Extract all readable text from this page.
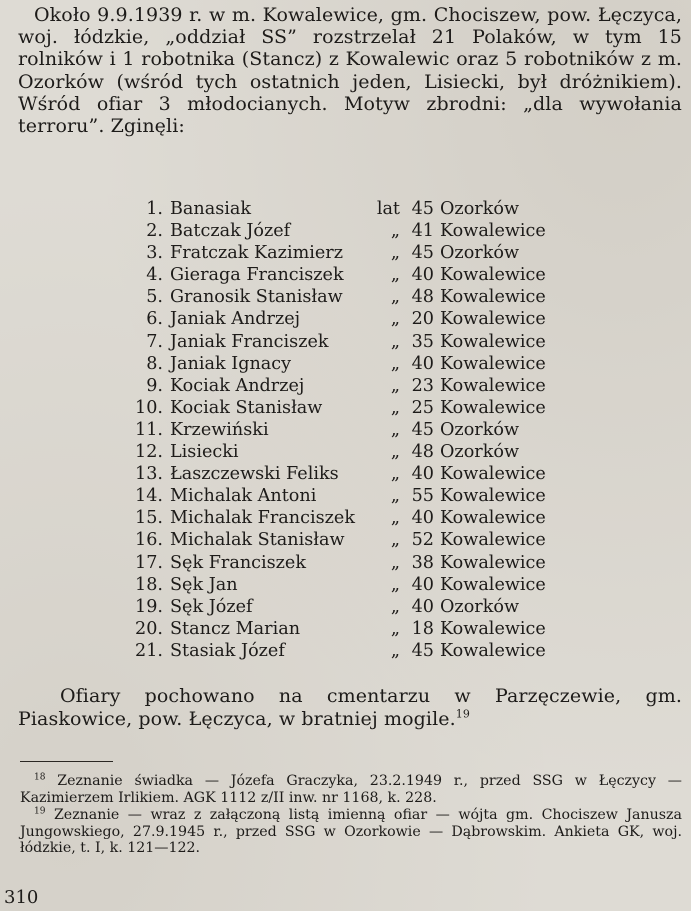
Około 9.9.1939 r. w m. Kowalewice, gm. Chociszew, pow. Łęczyca, woj. łódzkie, „oddział SS” rozstrzelał 21 Polaków, w tym 15 rolników i 1 robotnika (Stancz) z Kowalewic oraz 5 robotników z m. Ozorków (wśród tych ostatnich jeden, Lisiecki, był dróżnikiem). Wśród ofiar 3 młodocianych. Motyw zbrodni: „dla wywołania terroru”. Zginęli:

1. Banasiak	lat 45 Ozorków
2. Batczak Józef	„ 41 Kowalewice
3. Fratczak Kazimierz	„ 45 Ozorków
4. Gieraga Franciszek	„ 40 Kowalewice
5. Granosik Stanisław	„ 48 Kowalewice
6. Janiak Andrzej	„ 20 Kowalewice
7. Janiak Franciszek	„ 35 Kowalewice
8. Janiak Ignacy	„ 40 Kowalewice
9. Kociak Andrzej	„ 23 Kowalewice
10. Kociak Stanisław	„ 25 Kowalewice
11. Krzewiński	„ 45 Ozorków
12. Lisiecki	„ 48 Ozorków
13. Łaszczewski Feliks	„ 40 Kowalewice
14. Michalak Antoni	„ 55 Kowalewice
15. Michalak Franciszek	„ 40 Kowalewice
16. Michalak Stanisław	„ 52 Kowalewice
17. Sęk Franciszek	„ 38 Kowalewice
18. Sęk Jan	„ 40 Kowalewice
19. Sęk Józef	„ 40 Ozorków
20. Stancz Marian	„ 18 Kowalewice
21. Stasiak Józef	„ 45 Kowalewice

Ofiary pochowano na cmentarzu w Parzęczewie, gm. Piaskowice, pow. Łęczyca, w bratniej mogile.$^{19}$

$^{18}$ Zeznanie świadka — Józefa Graczyka, 23.2.1949 r., przed SSG w Łęczycy — Kazimierzem Irlikiem. AGK 1112 z/II inw. nr 1168, k. 228.

$^{19}$ Zeznanie — wraz z załączoną listą imienną ofiar — wójta gm. Chociszew Janusza Jungowskiego, 27.9.1945 r., przed SSG w Ozorkowie — Dąbrowskim. Ankieta GK, woj. łódzkie, t. I, k. 121—122.

310
